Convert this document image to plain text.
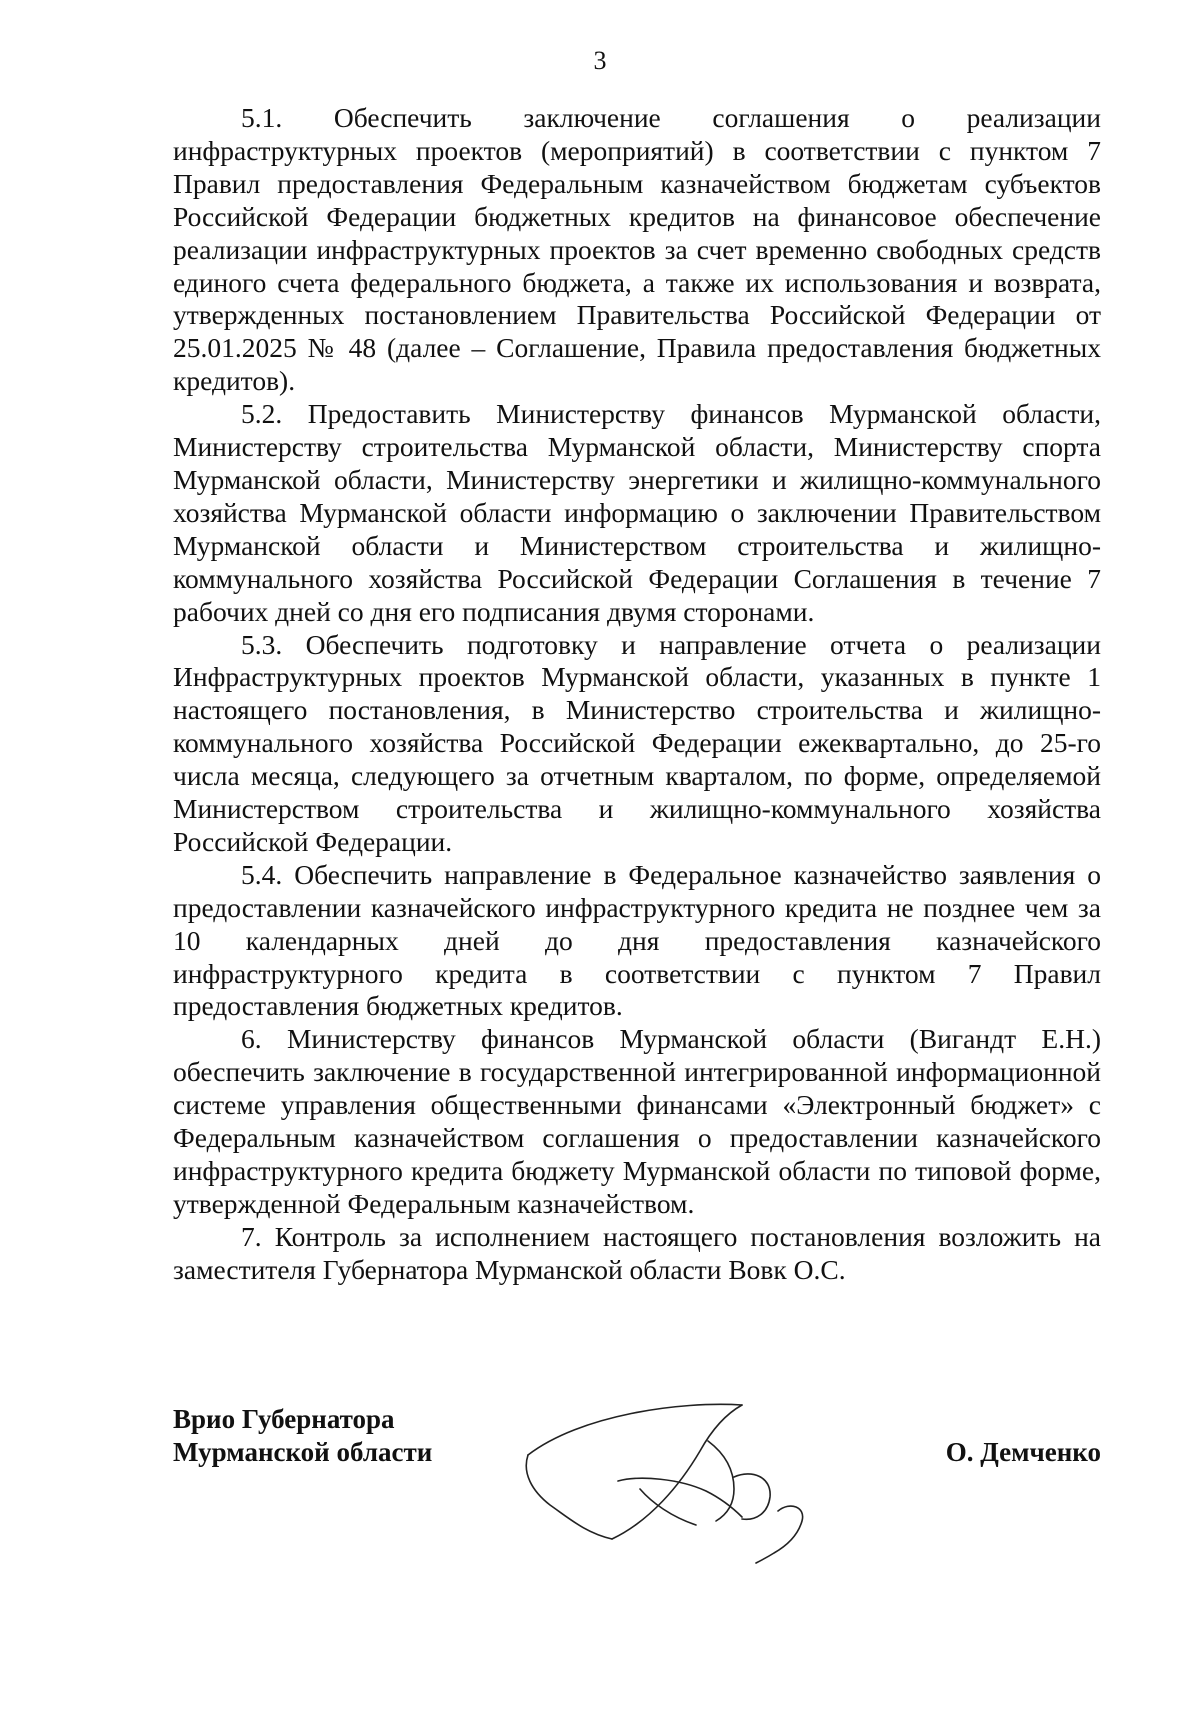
3

5.1. Обеспечить заключение соглашения о реализации инфраструктурных проектов (мероприятий) в соответствии с пунктом 7 Правил предоставления Федеральным казначейством бюджетам субъектов Российской Федерации бюджетных кредитов на финансовое обеспечение реализации инфраструктурных проектов за счет временно свободных средств единого счета федерального бюджета, а также их использования и возврата, утвержденных постановлением Правительства Российской Федерации от 25.01.2025 № 48 (далее – Соглашение, Правила предоставления бюджетных кредитов).

5.2. Предоставить Министерству финансов Мурманской области, Министерству строительства Мурманской области, Министерству спорта Мурманской области, Министерству энергетики и жилищно-коммунального хозяйства Мурманской области информацию о заключении Правительством Мурманской области и Министерством строительства и жилищно-коммунального хозяйства Российской Федерации Соглашения в течение 7 рабочих дней со дня его подписания двумя сторонами.

5.3. Обеспечить подготовку и направление отчета о реализации Инфраструктурных проектов Мурманской области, указанных в пункте 1 настоящего постановления, в Министерство строительства и жилищно-коммунального хозяйства Российской Федерации ежеквартально, до 25-го числа месяца, следующего за отчетным кварталом, по форме, определяемой Министерством строительства и жилищно-коммунального хозяйства Российской Федерации.

5.4. Обеспечить направление в Федеральное казначейство заявления о предоставлении казначейского инфраструктурного кредита не позднее чем за 10 календарных дней до дня предоставления казначейского инфраструктурного кредита в соответствии с пунктом 7 Правил предоставления бюджетных кредитов.

6. Министерству финансов Мурманской области (Вигандт Е.Н.) обеспечить заключение в государственной интегрированной информационной системе управления общественными финансами «Электронный бюджет» с Федеральным казначейством соглашения о предоставлении казначейского инфраструктурного кредита бюджету Мурманской области по типовой форме, утвержденной Федеральным казначейством.

7. Контроль за исполнением настоящего постановления возложить на заместителя Губернатора Мурманской области Вовк О.С.

Врио Губернатора
Мурманской области	О. Демченко
